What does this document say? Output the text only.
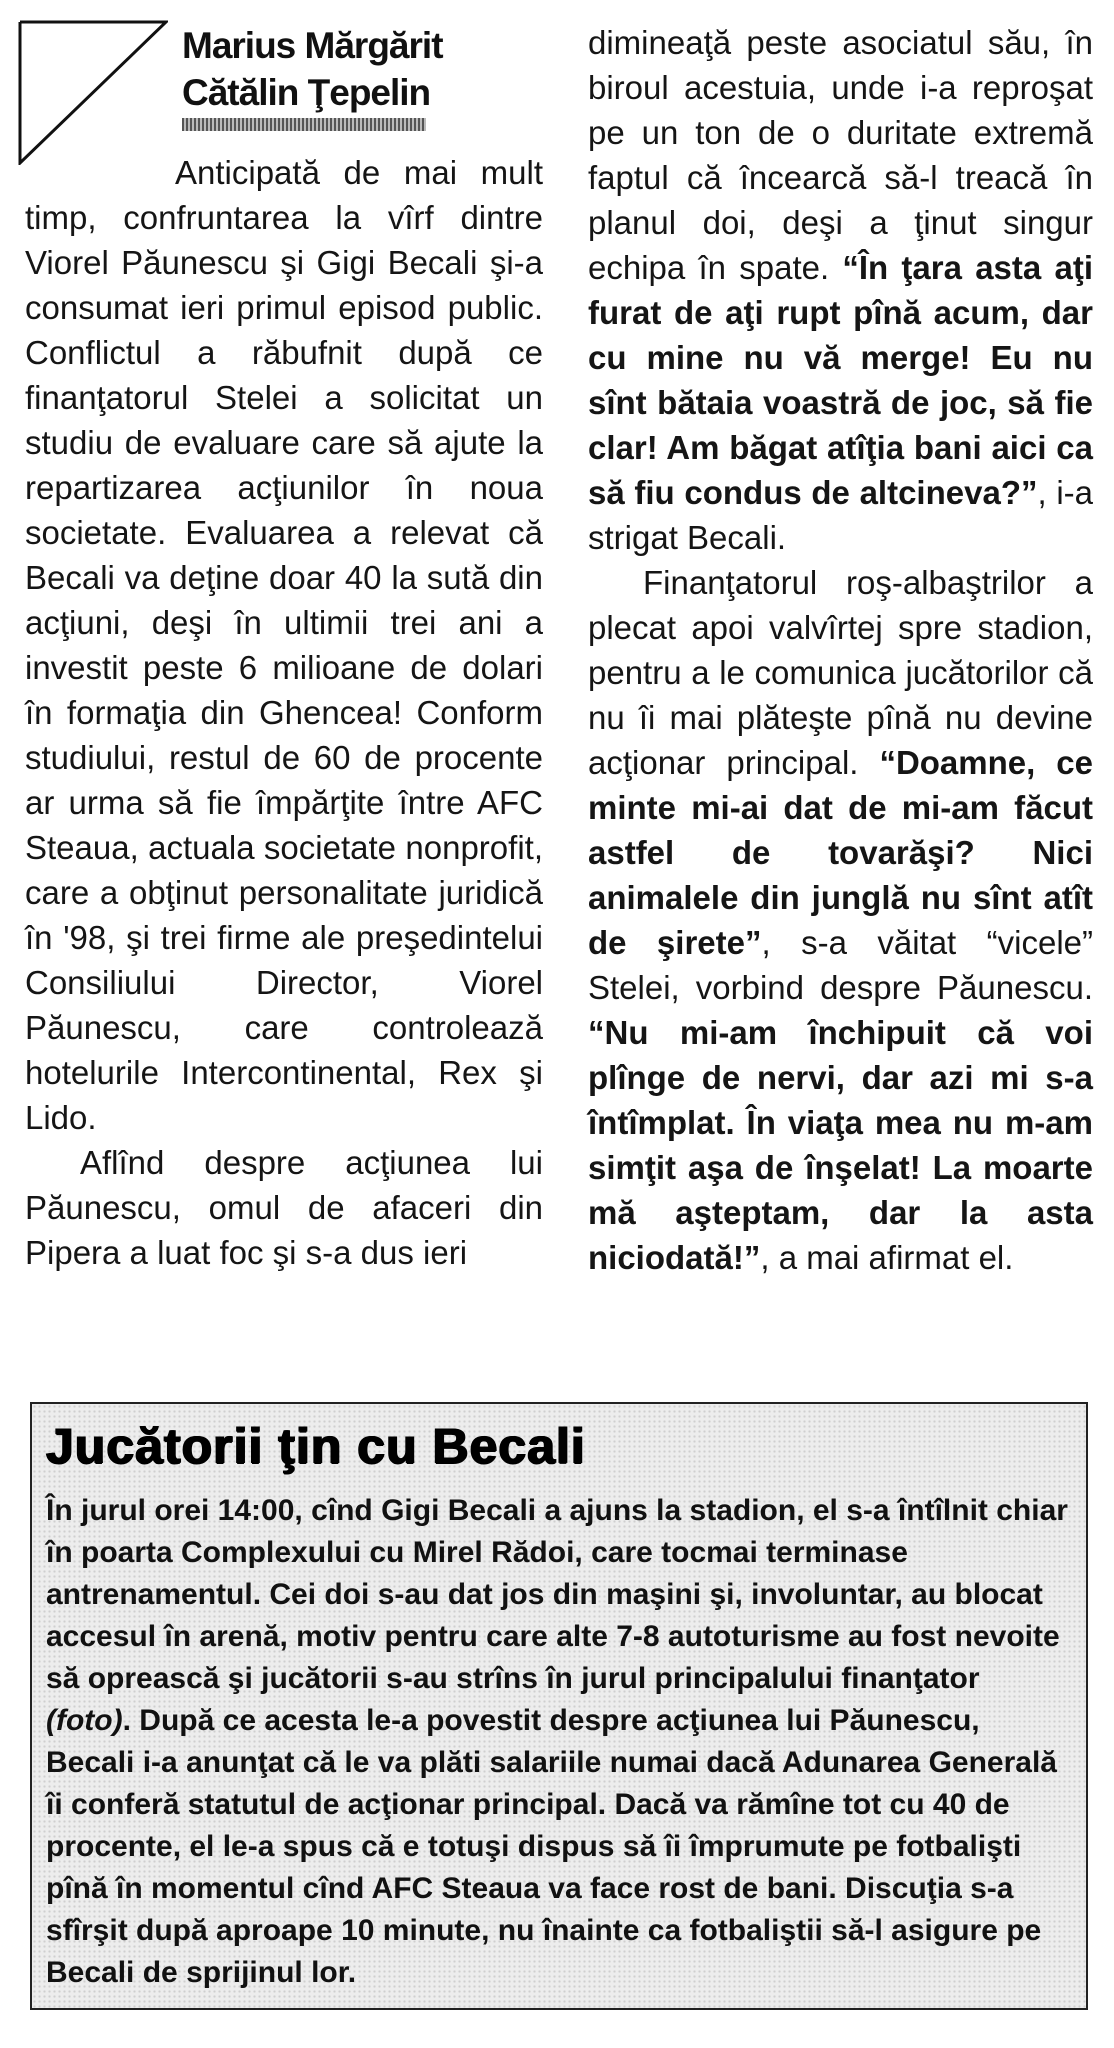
Marius Mărgărit
Cătălin Ţepelin

Anticipată de mai mult timp, confruntarea la vîrf dintre Viorel Păunescu şi Gigi Becali şi-a consumat ieri primul episod public. Conflictul a răbufnit după ce finanţatorul Stelei a solicitat un studiu de evaluare care să ajute la repartizarea acţiunilor în noua societate. Evaluarea a relevat că Becali va deţine doar 40 la sută din acţiuni, deşi în ultimii trei ani a investit peste 6 milioane de dolari în formaţia din Ghencea! Conform studiului, restul de 60 de procente ar urma să fie împărţite între AFC Steaua, actuala societate nonprofit, care a obţinut personalitate juridică în '98, şi trei firme ale preşedintelui Consiliului Director, Viorel Păunescu, care controlează hotelurile Intercontinental, Rex şi Lido.

Aflînd despre acţiunea lui Păunescu, omul de afaceri din Pipera a luat foc şi s-a dus ieri

dimineaţă peste asociatul său, în biroul acestuia, unde i-a reproşat pe un ton de o duritate extremă faptul că încearcă să-l treacă în planul doi, deşi a ţinut singur echipa în spate. “În ţara asta aţi furat de aţi rupt pînă acum, dar cu mine nu vă merge! Eu nu sînt bătaia voastră de joc, să fie clar! Am băgat atîţia bani aici ca să fiu condus de altcineva?”, i-a strigat Becali.

Finanţatorul roş-albaştrilor a plecat apoi valvîrtej spre stadion, pentru a le comunica jucătorilor că nu îi mai plăteşte pînă nu devine acţionar principal. “Doamne, ce minte mi-ai dat de mi-am făcut astfel de tovarăşi? Nici animalele din junglă nu sînt atît de şirete”, s-a văitat “vicele” Stelei, vorbind despre Păunescu. “Nu mi-am închipuit că voi plînge de nervi, dar azi mi s-a întîmplat. În viaţa mea nu m-am simţit aşa de înşelat! La moarte mă aşteptam, dar la asta niciodată!”, a mai afirmat el.

Jucătorii ţin cu Becali
În jurul orei 14:00, cînd Gigi Becali a ajuns la stadion, el s-a întîlnit chiar în poarta Complexului cu Mirel Rădoi, care tocmai terminase antrenamentul. Cei doi s-au dat jos din maşini şi, involuntar, au blocat accesul în arenă, motiv pentru care alte 7-8 autoturisme au fost nevoite să oprească şi jucătorii s-au strîns în jurul principalului finanţator (foto). După ce acesta le-a povestit despre acţiunea lui Păunescu, Becali i-a anunţat că le va plăti salariile numai dacă Adunarea Generală îi conferă statutul de acţionar principal. Dacă va rămîne tot cu 40 de procente, el le-a spus că e totuşi dispus să îi împrumute pe fotbalişti pînă în momentul cînd AFC Steaua va face rost de bani. Discuţia s-a sfîrşit după aproape 10 minute, nu înainte ca fotbaliştii să-l asigure pe Becali de sprijinul lor.
